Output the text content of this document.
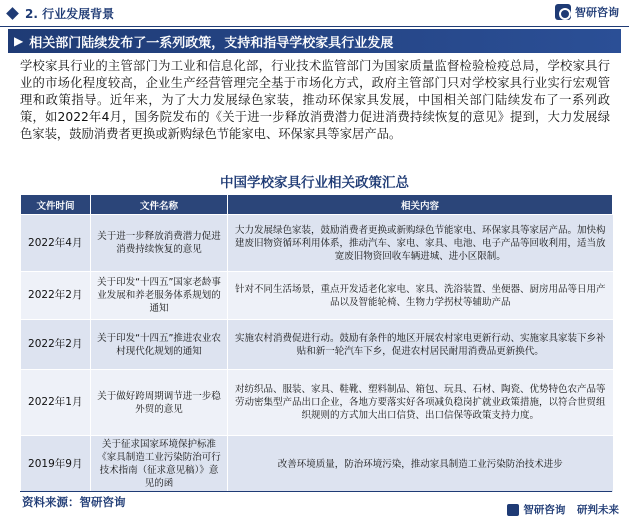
2. 行业发展背景	智研咨询
▶ 相关部门陆续发布了一系列政策，支持和指导学校家具行业发展

学校家具行业的主管部门为工业和信息化部，行业技术监管部门为国家质量监督检验检疫总局，学校家具行业的市场化程度较高，企业生产经营管理完全基于市场化方式，政府主管部门只对学校家具行业实行宏观管理和政策指导。近年来，为了大力发展绿色家装，推动环保家具发展，中国相关部门陆续发布了一系列政策，如2022年4月，国务院发布的《关于进一步释放消费潜力促进消费持续恢复的意见》提到，大力发展绿色家装，鼓励消费者更换或新购绿色节能家电、环保家具等家居产品。

中国学校家具行业相关政策汇总
文件时间	文件名称	相关内容
2022年4月	关于进一步释放消费潜力促进消费持续恢复的意见	大力发展绿色家装，鼓励消费者更换或新购绿色节能家电、环保家具等家居产品。加快构建废旧物资循环利用体系，推动汽车、家电、家具、电池、电子产品等回收利用，适当放宽废旧物资回收车辆进城、进小区限制。
2022年2月	关于印发“十四五”国家老龄事业发展和养老服务体系规划的通知	针对不同生活场景，重点开发适老化家电、家具、洗浴装置、坐便器、厨房用品等日用产品以及智能轮椅、生物力学拐杖等辅助产品
2022年2月	关于印发“十四五”推进农业农村现代化规划的通知	实施农村消费促进行动。鼓励有条件的地区开展农村家电更新行动、实施家具家装下乡补贴和新一轮汽车下乡，促进农村居民耐用消费品更新换代。
2022年1月	关于做好跨周期调节进一步稳外贸的意见	对纺织品、服装、家具、鞋靴、塑料制品、箱包、玩具、石材、陶瓷、优势特色农产品等劳动密集型产品出口企业，各地方要落实好各项减负稳岗扩就业政策措施，以符合世贸组织规则的方式加大出口信贷、出口信保等政策支持力度。
2019年9月	关于征求国家环境保护标准《家具制造工业污染防治可行技术指南（征求意见稿）》意见的函	改善环境质量，防治环境污染，推动家具制造工业污染防治技术进步
资料来源：智研咨询
智研咨询
研判未来
